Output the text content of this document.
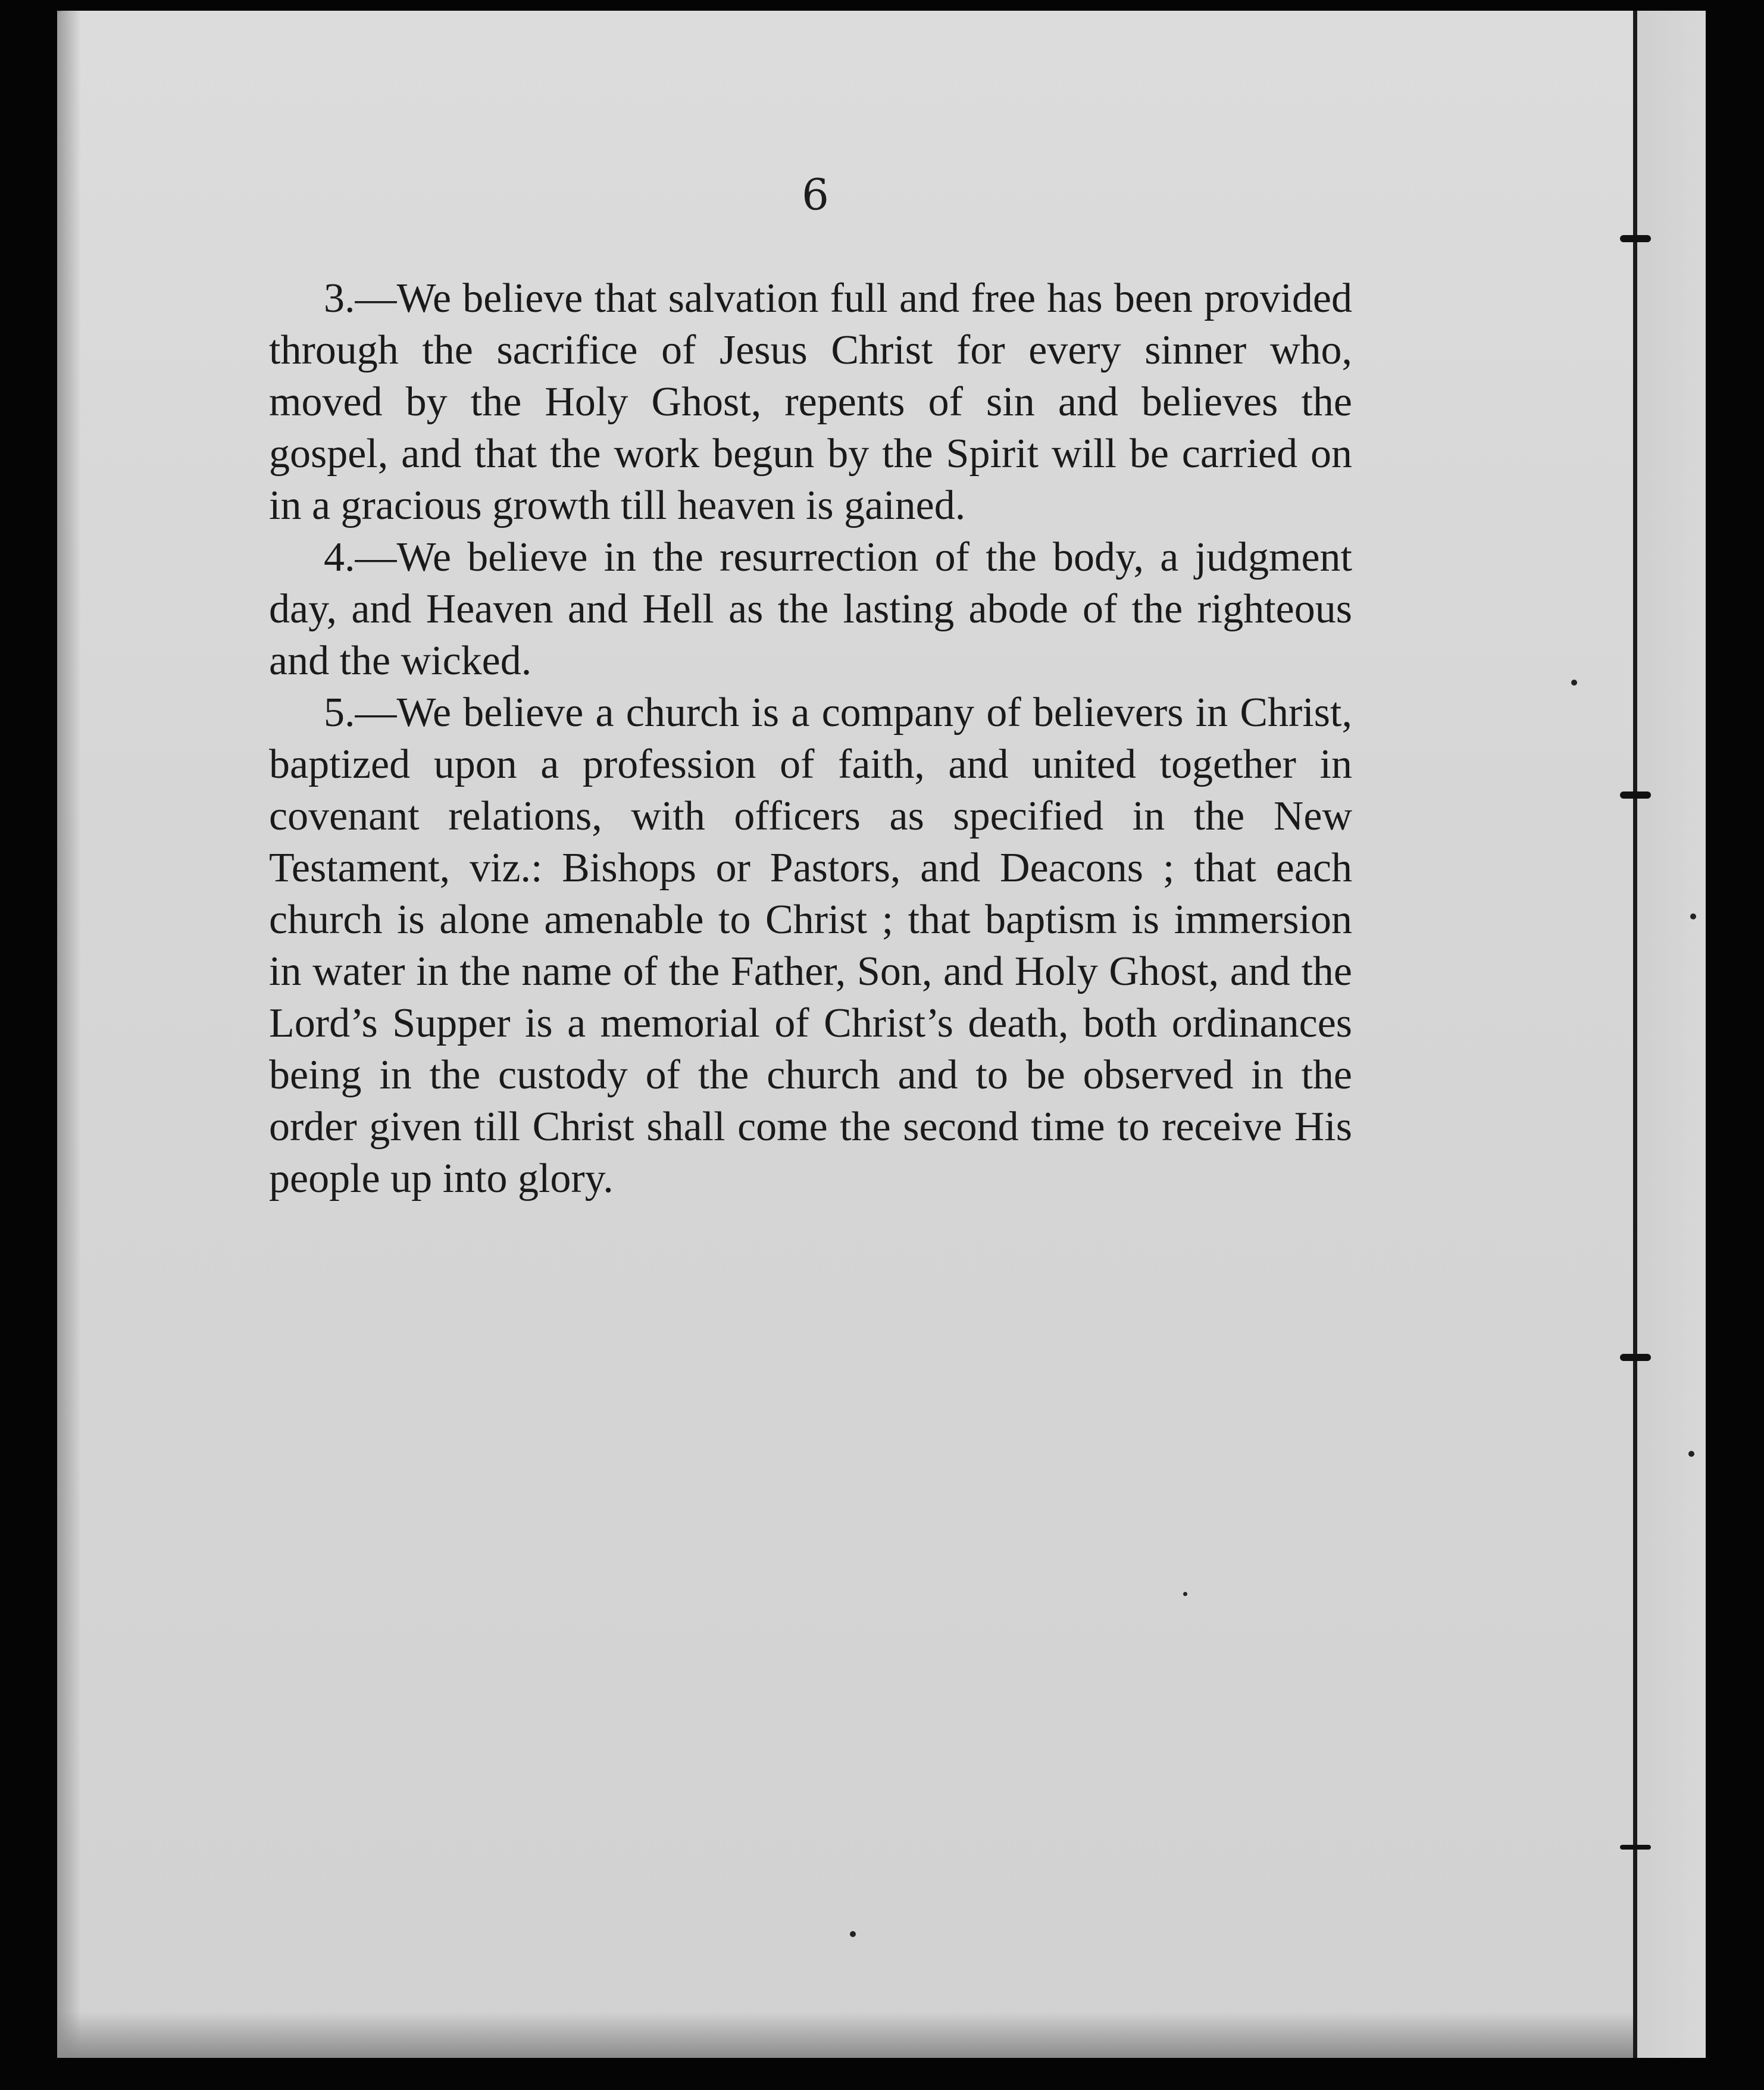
6

3.—We believe that salvation full and free has been provided through the sacrifice of Jesus Christ for every sinner who, moved by the Holy Ghost, repents of sin and believes the gospel, and that the work begun by the Spirit will be carried on in a gracious growth till heaven is gained.

4.—We believe in the resurrection of the body, a judgment day, and Heaven and Hell as the lasting abode of the righteous and the wicked.

5.—We believe a church is a company of believers in Christ, baptized upon a profession of faith, and united together in covenant relations, with officers as specified in the New Testament, viz.: Bishops or Pastors, and Deacons ; that each church is alone amenable to Christ ; that baptism is immersion in water in the name of the Father, Son, and Holy Ghost, and the Lord’s Supper is a memorial of Christ’s death, both ordinances being in the custody of the church and to be observed in the order given till Christ shall come the second time to receive His people up into glory.
